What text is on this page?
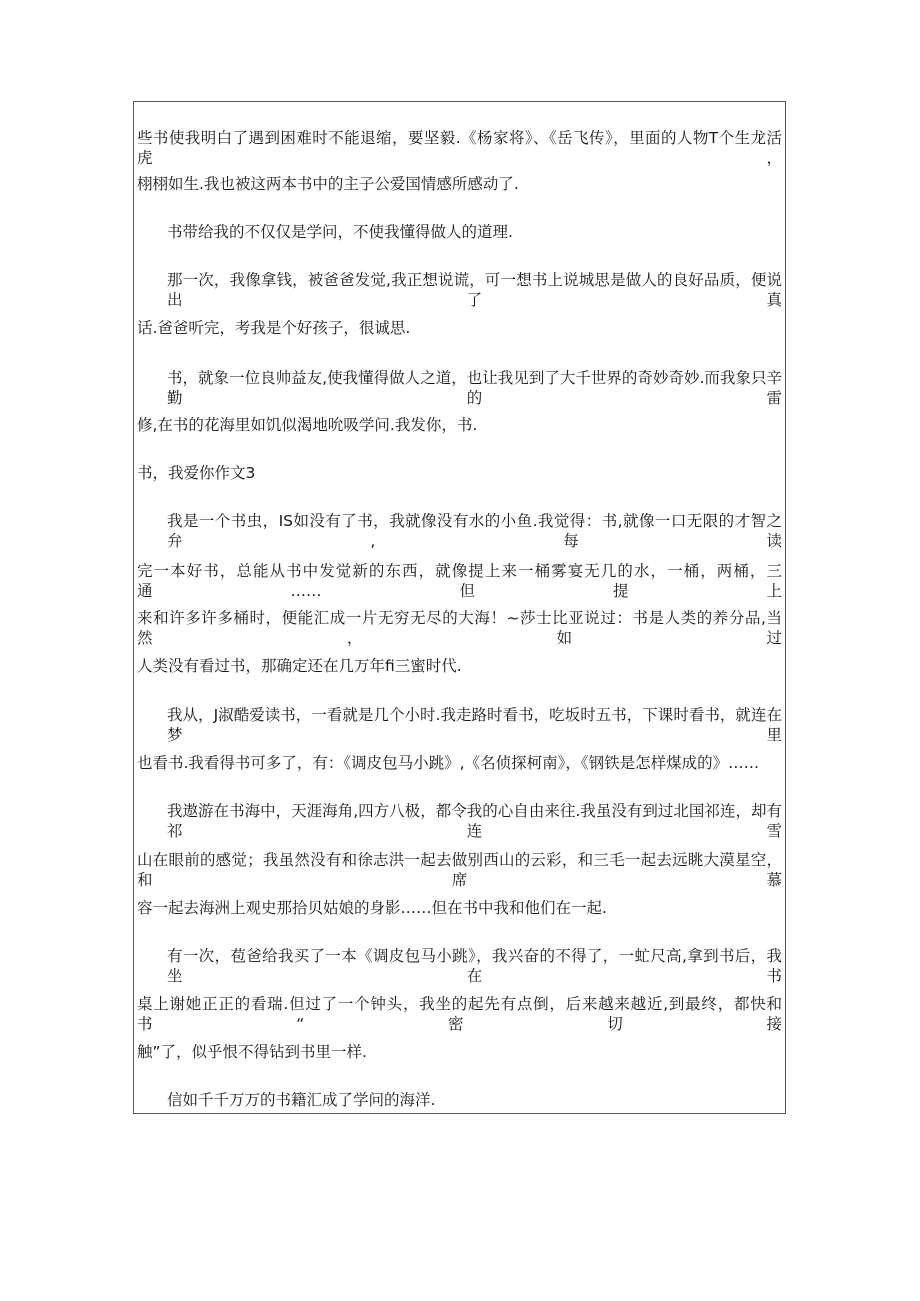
些书使我明白了遇到困难时不能退缩，要坚毅.《杨家将》、《岳飞传》，里面的人物T个生龙活虎，
栩栩如生.我也被这两本书中的主子公爱国情感所感动了.
书带给我的不仅仅是学问，不使我懂得做人的道理.
那一次，我像拿钱，被爸爸发觉,我正想说谎，可一想书上说城思是做人的良好品质，便说出了真
话.爸爸听完，考我是个好孩子，很诚思.
书，就象一位良帅益友,使我懂得做人之道，也让我见到了大千世界的奇妙奇妙.而我象只辛勤的雷
修,在书的花海里如饥似渴地吮吸学问.我发你，书.
书，我爱你作文3
我是一个书虫，IS如没有了书，我就像没有水的小鱼.我觉得：书,就像一口无限的才智之弁,每读
完一本好书，总能从书中发觉新的东西，就像提上来一桶雾宴无几的水，一桶，两桶，三通……但提上
来和许多许多桶时，便能汇成一片无穷无尽的大海！~莎士比亚说过：书是人类的养分品,当然，如过
人类没有看过书，那确定还在几万年fi三蜜时代.
我从，J淑酷爱读书，一看就是几个小时.我走路时看书，吃坂时五书，下课时看书，就连在梦里
也看书.我看得书可多了，有：《调皮包马小跳》,《名侦探柯南》，《钢铁是怎样煤成的》……
我遨游在书海中，天涯海角,四方八极，都令我的心自由来往.我虽没有到过北国祁连，却有祁连雪
山在眼前的感觉；我虽然没有和徐志洪一起去做别西山的云彩，和三毛一起去远眺大漠星空，和席慕
容一起去海洲上观史那拾贝姑娘的身影……但在书中我和他们在一起.
有一次，苞爸给我买了一本《调皮包马小跳》，我兴奋的不得了，一虻尺高,拿到书后，我坐在书
桌上谢她正正的看瑞.但过了一个钟头，我坐的起先有点倒，后来越来越近,到最终，都快和书“密切接
触”了，似乎恨不得钻到书里一样.
信如千千万万的书籍汇成了学问的海洋.
